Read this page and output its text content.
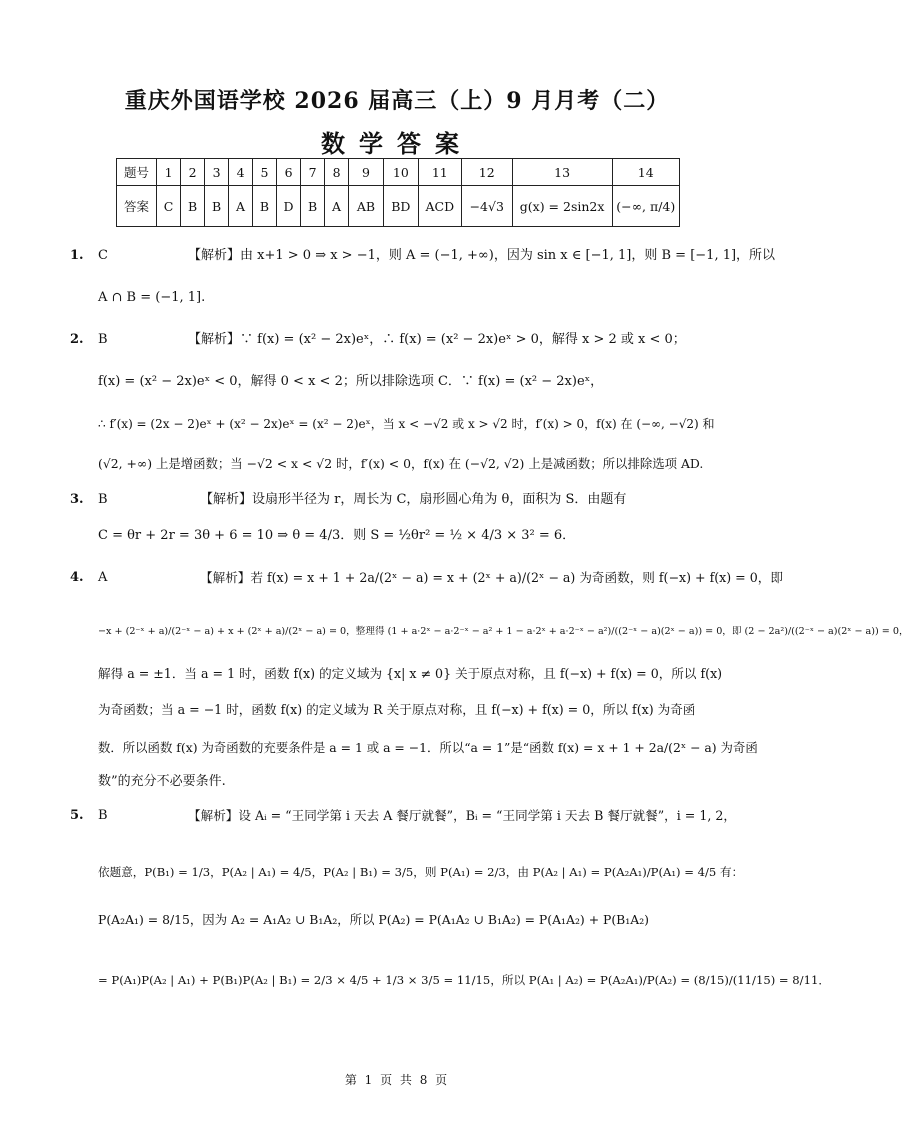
重庆外国语学校 2026 届高三（上）9 月月考（二）
数学答案
题号	1	2	3	4	5	6	7	8	9	10	11	12	13	14
答案	C	B	B	A	B	D	B	A	AB	BD	ACD	−4√3	g(x) = 2sin2x	(−∞, π/4)
1. C	【解析】由 x+1 > 0 ⇒ x > −1，则 A = (−1, +∞)，因为 sin x ∈ [−1, 1]，则 B = [−1, 1]，所以
A ∩ B = (−1, 1].
2. B	【解析】∵ f(x) = (x² − 2x)eˣ，∴ f(x) = (x² − 2x)eˣ > 0，解得 x > 2 或 x < 0；
f(x) = (x² − 2x)eˣ < 0，解得 0 < x < 2；所以排除选项 C．∵ f(x) = (x² − 2x)eˣ，
∴ f′(x) = (2x − 2)eˣ + (x² − 2x)eˣ = (x² − 2)eˣ，当 x < −√2 或 x > √2 时，f′(x) > 0，f(x) 在 (−∞, −√2) 和
(√2, +∞) 上是增函数；当 −√2 < x < √2 时，f′(x) < 0，f(x) 在 (−√2, √2) 上是减函数；所以排除选项 AD.
3. B	【解析】设扇形半径为 r，周长为 C，扇形圆心角为 θ，面积为 S．由题有
C = θr + 2r = 3θ + 6 = 10 ⇒ θ = 4/3．则 S = ½θr² = ½ × 4/3 × 3² = 6．
4. A	【解析】若 f(x) = x + 1 + 2a/(2ˣ − a) = x + (2ˣ + a)/(2ˣ − a) 为奇函数，则 f(−x) + f(x) = 0，即
−x + (2⁻ˣ + a)/(2⁻ˣ − a) + x + (2ˣ + a)/(2ˣ − a) = 0，整理得 (1 + a·2ˣ − a·2⁻ˣ − a² + 1 − a·2ˣ + a·2⁻ˣ − a²)/((2⁻ˣ − a)(2ˣ − a)) = 0，即 (2 − 2a²)/((2⁻ˣ − a)(2ˣ − a)) = 0，
解得 a = ±1．当 a = 1 时，函数 f(x) 的定义域为 {x| x ≠ 0} 关于原点对称，且 f(−x) + f(x) = 0，所以 f(x)
为奇函数；当 a = −1 时，函数 f(x) 的定义域为 R 关于原点对称，且 f(−x) + f(x) = 0，所以 f(x) 为奇函
数．所以函数 f(x) 为奇函数的充要条件是 a = 1 或 a = −1．所以“a = 1”是“函数 f(x) = x + 1 + 2a/(2ˣ − a) 为奇函
数”的充分不必要条件.
5. B	【解析】设 Aᵢ = “王同学第 i 天去 A 餐厅就餐”，Bᵢ = “王同学第 i 天去 B 餐厅就餐”，i = 1, 2，
依题意，P(B₁) = 1/3，P(A₂ | A₁) = 4/5，P(A₂ | B₁) = 3/5，则 P(A₁) = 2/3，由 P(A₂ | A₁) = P(A₂A₁)/P(A₁) = 4/5 有：
P(A₂A₁) = 8/15，因为 A₂ = A₁A₂ ∪ B₁A₂，所以 P(A₂) = P(A₁A₂ ∪ B₁A₂) = P(A₁A₂) + P(B₁A₂)
= P(A₁)P(A₂ | A₁) + P(B₁)P(A₂ | B₁) = 2/3 × 4/5 + 1/3 × 3/5 = 11/15，所以 P(A₁ | A₂) = P(A₂A₁)/P(A₂) = (8/15)/(11/15) = 8/11．
第 1 页 共 8 页
